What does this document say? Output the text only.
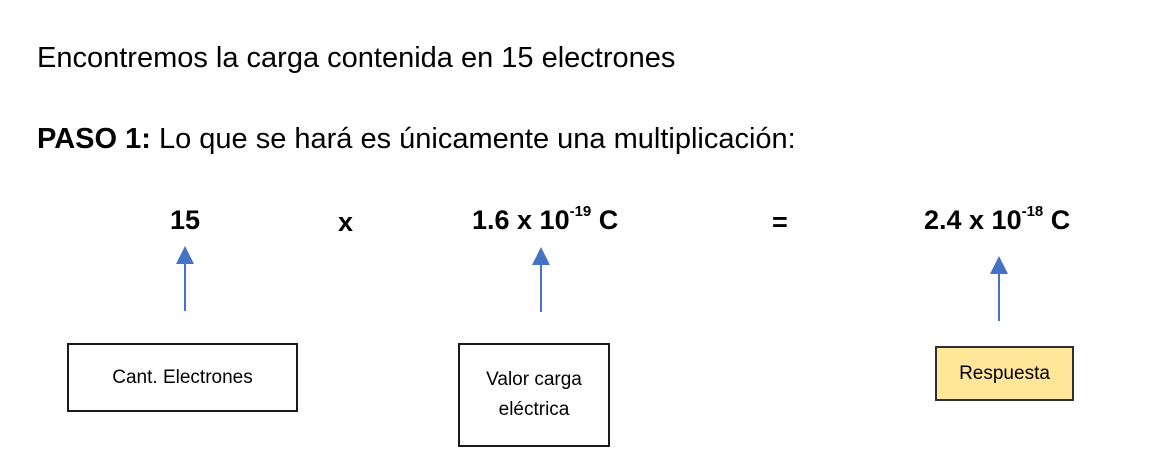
Encontremos la carga contenida en 15 electrones
PASO 1: Lo que se hará es únicamente una multiplicación:
15	x	1.6 x $10^{-19}$ C	=	2.4 x $10^{-18}$ C
Cant. Electrones	Valor carga
eléctrica
Respuesta
